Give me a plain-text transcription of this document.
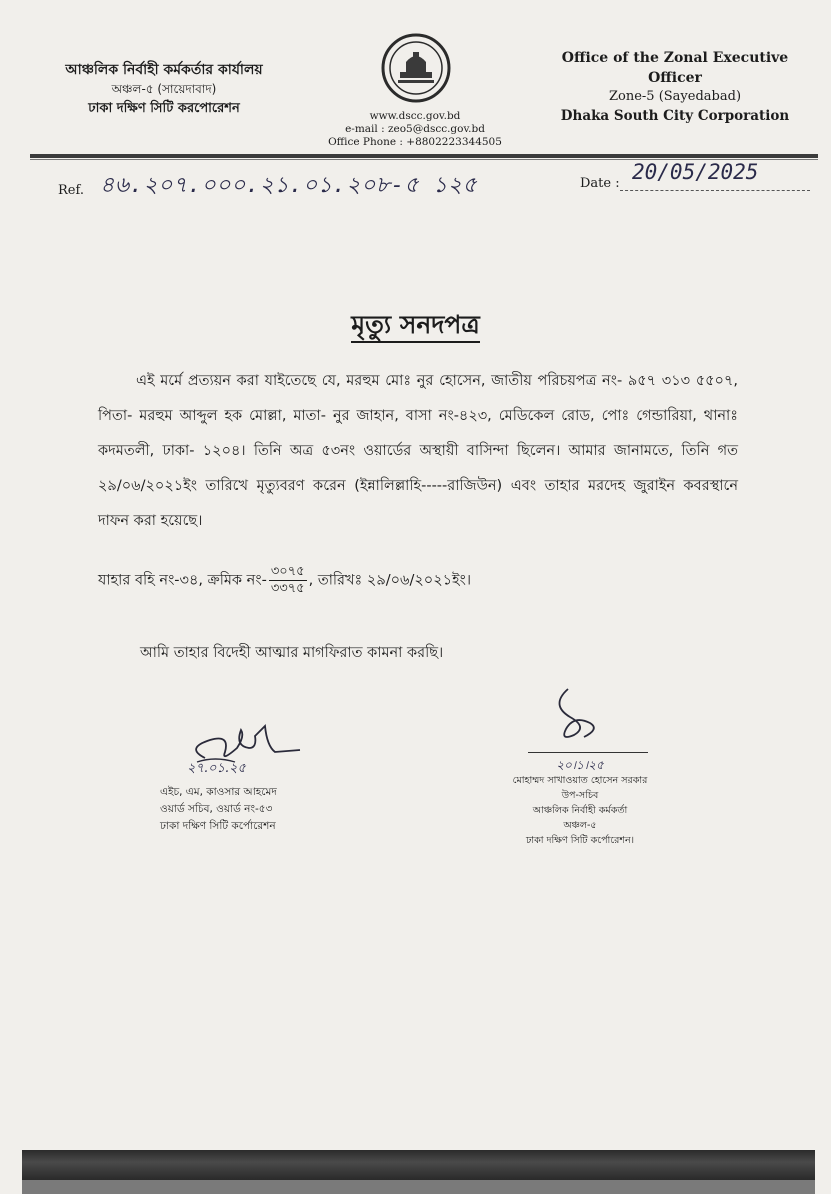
আঞ্চলিক নির্বাহী কর্মকর্তার কার্যালয়
অঞ্চল-৫ (সায়েদাবাদ)
ঢাকা দক্ষিণ সিটি করপোরেশন	www.dscc.gov.bd
e-mail : zeo5@dscc.gov.bd
Office Phone : +8802223344505
Office of the Zonal Executive Officer
Zone-5 (Sayedabad)
Dhaka South City Corporation
Ref. ৪৬.২০৭.০০০.২১.০১.২০৮-৫ ১২৫	Date : 20/05/2025
মৃত্যু সনদপত্র
এই মর্মে প্রত্যয়ন করা যাইতেছে যে, মরহুম মোঃ নুর হোসেন, জাতীয় পরিচয়পত্র নং- ৯৫৭ ৩১৩ ৫৫০৭, পিতা- মরহুম আব্দুল হক মোল্লা, মাতা- নুর জাহান, বাসা নং-৪২৩, মেডিকেল রোড, পোঃ গেন্ডারিয়া, থানাঃ কদমতলী, ঢাকা- ১২০৪। তিনি অত্র ৫৩নং ওয়ার্ডের অস্থায়ী বাসিন্দা ছিলেন। আমার জানামতে, তিনি গত ২৯/০৬/২০২১ইং তারিখে মৃত্যুবরণ করেন (ইন্নালিল্লাহি-----রাজিউন) এবং তাহার মরদেহ জুরাইন কবরস্থানে দাফন করা হয়েছে।
যাহার বহি নং-৩৪, ক্রমিক নং- $\frac{৩০৭৫}{৩৩৭৫}$ , তারিখঃ ২৯/০৬/২০২১ইং।
আমি তাহার বিদেহী আত্মার মাগফিরাত কামনা করছি।
২৭.০১.২৫
এইচ, এম, কাওসার আহমেদ
ওয়ার্ড সচিব, ওয়ার্ড নং-৫৩
ঢাকা দক্ষিণ সিটি কর্পোরেশন
২০।১।২৫
মোহাম্মদ সাখাওয়াত হোসেন সরকার
উপ-সচিব
আঞ্চলিক নির্বাহী কর্মকর্তা
অঞ্চল-৫
ঢাকা দক্ষিণ সিটি কর্পোরেশন।
